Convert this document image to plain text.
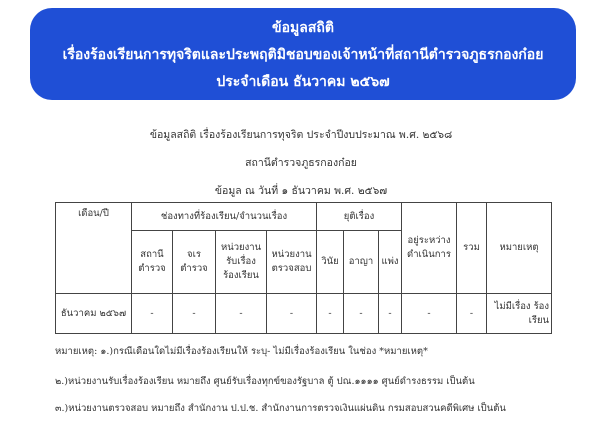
ข้อมูลสถิติ
เรื่องร้องเรียนการทุจริตและประพฤติมิชอบของเจ้าหน้าที่สถานีตำรวจภูธรกองก๋อย
ประจำเดือน ธันวาคม ๒๕๖๗
ข้อมูลสถิติ เรื่องร้องเรียนการทุจริต ประจำปีงบประมาณ พ.ศ. ๒๕๖๘
สถานีตำรวจภูธรกองก๋อย
ข้อมูล ณ วันที่ ๑ ธันวาคม พ.ศ. ๒๕๖๗
เดือน/ปี	ช่องทางที่ร้องเรียน/จำนวนเรื่อง				ยุติเรื่อง			อยู่ระหว่าง ดำเนินการ	รวม	หมายเหตุ
	สถานี ตำรวจ	จเร ตำรวจ	หน่วยงาน รับเรื่อง ร้องเรียน	หน่วยงาน ตรวจสอบ	วินัย	อาญา	แพ่ง			
ธันวาคม ๒๕๖๗	-	-	-	-	-	-	-	-	-	ไม่มีเรื่อง ร้องเรียน
หมายเหตุ: ๑.)กรณีเดือนใดไม่มีเรื่องร้องเรียนให้ ระบุ- ไม่มีเรื่องร้องเรียน ในช่อง *หมายเหตุ*
๒.)หน่วยงานรับเรื่องร้องเรียน หมายถึง ศูนย์รับเรื่องทุกข์ของรัฐบาล ตู้ ปณ.๑๑๑๑ ศูนย์ดำรงธรรม เป็นต้น
๓.)หน่วยงานตรวจสอบ หมายถึง สำนักงาน ป.ป.ช. สำนักงานการตรวจเงินแผ่นดิน กรมสอบสวนคดีพิเศษ เป็นต้น
